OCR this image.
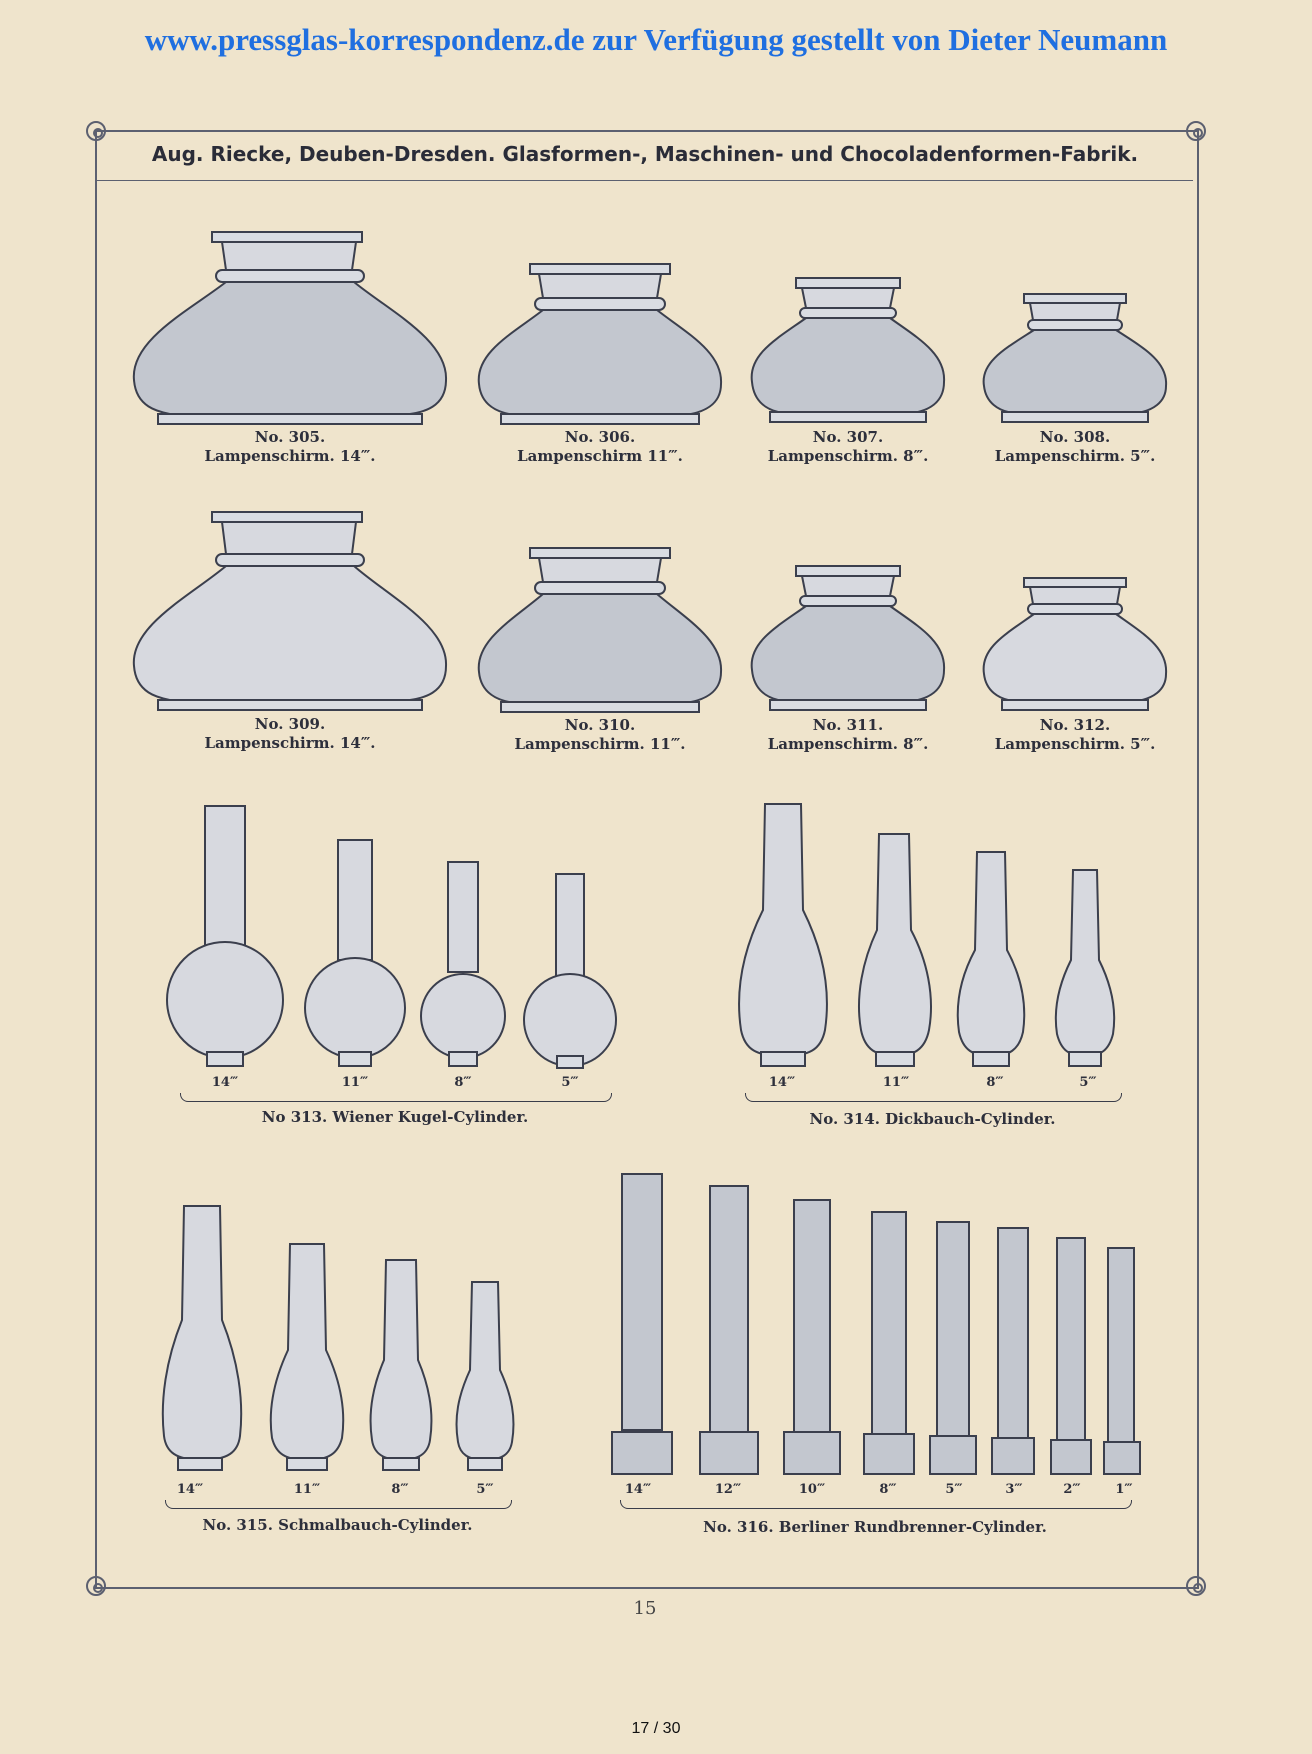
www.pressglas-korrespondenz.de zur Verfügung gestellt von Dieter Neumann
Aug. Riecke, Deuben-Dresden. Glasformen-, Maschinen- und Chocoladenformen-Fabrik.
No. 305.
Lampenschirm. 14‴.
No. 306.
Lampenschirm 11‴.
No. 307.
Lampenschirm. 8‴.
No. 308.
Lampenschirm. 5‴.
No. 309.
Lampenschirm. 14‴.
No. 310.
Lampenschirm. 11‴.
No. 311.
Lampenschirm. 8‴.
No. 312.
Lampenschirm. 5‴.
14‴	11‴	8‴	5‴
No 313. Wiener Kugel-Cylinder.
14‴	11‴	8‴	5‴
No. 314. Dickbauch-Cylinder.
14‴	11‴	8‴	5‴
No. 315. Schmalbauch-Cylinder.
14‴	12‴	10‴	8‴	5‴	3‴	2‴	1‴
No. 316. Berliner Rundbrenner-Cylinder.
15
17 / 30
